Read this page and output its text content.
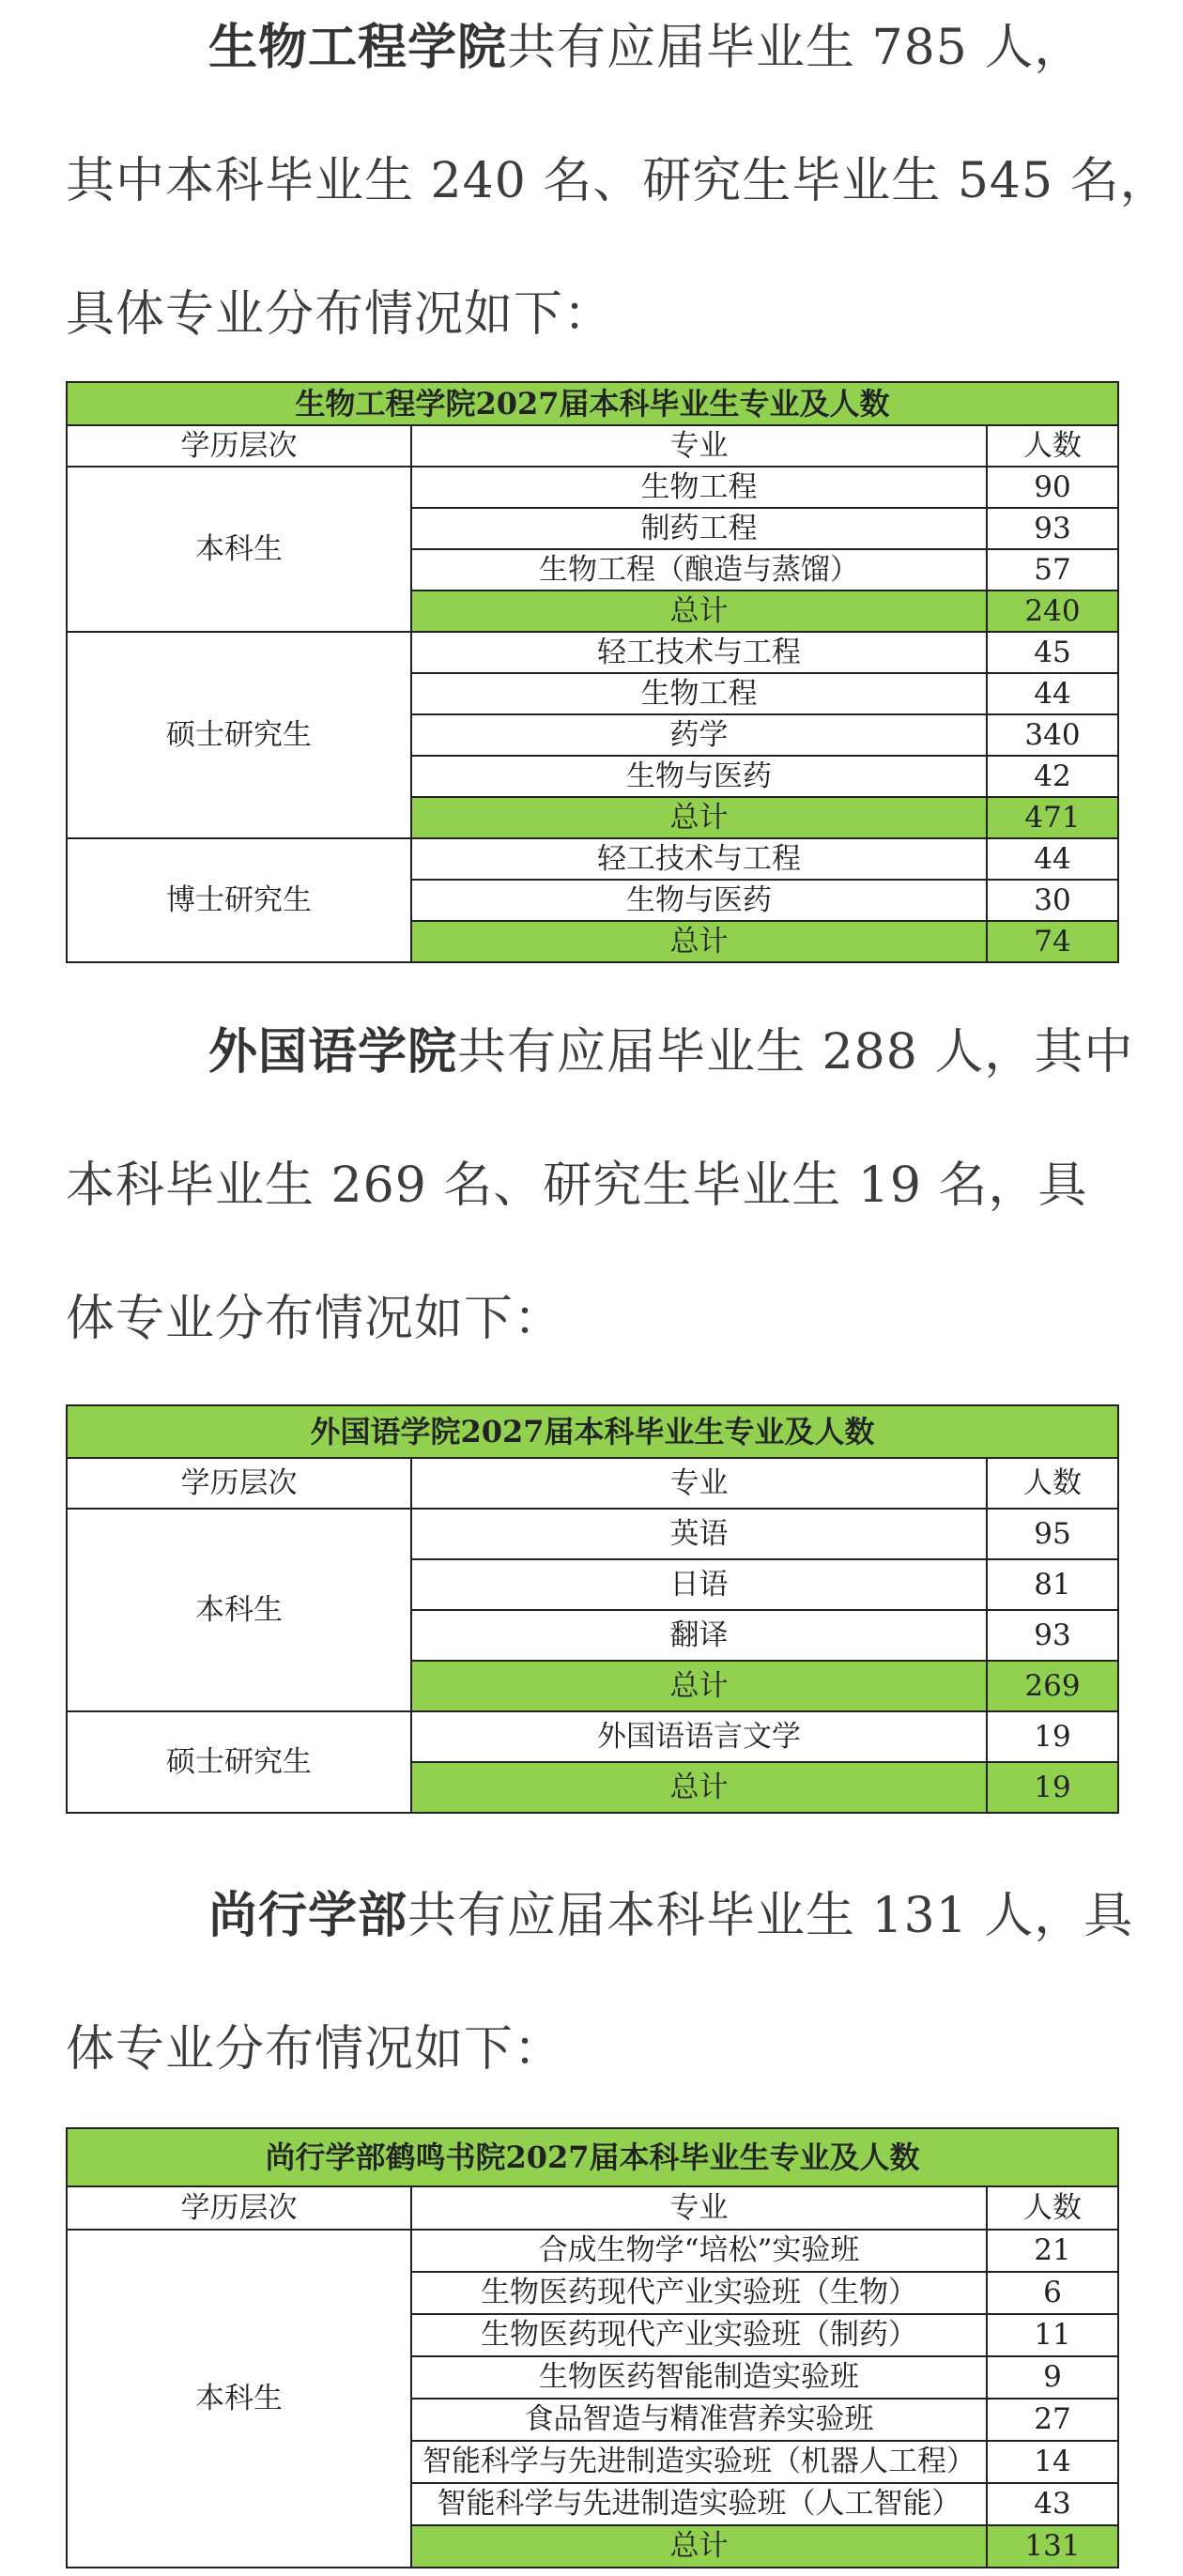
生物工程学院共有应届毕业生 785 人，
其中本科毕业生 240 名、研究生毕业生 545 名，
具体专业分布情况如下：
生物工程学院2027届本科毕业生专业及人数		
学历层次	专业	人数
本科生	生物工程	90
	制药工程	93
	生物工程（酿造与蒸馏）	57
	总计	240
硕士研究生	轻工技术与工程	45
	生物工程	44
	药学	340
	生物与医药	42
	总计	471
博士研究生	轻工技术与工程	44
	生物与医药	30
	总计	74
外国语学院共有应届毕业生 288 人，其中
本科毕业生 269 名、研究生毕业生 19 名，具
体专业分布情况如下：
外国语学院2027届本科毕业生专业及人数		
学历层次	专业	人数
本科生	英语	95
	日语	81
	翻译	93
	总计	269
硕士研究生	外国语语言文学	19
	总计	19
尚行学部共有应届本科毕业生 131 人，具
体专业分布情况如下：
尚行学部鹤鸣书院2027届本科毕业生专业及人数		
学历层次	专业	人数
本科生	合成生物学“培松”实验班	21
	生物医药现代产业实验班（生物）	6
	生物医药现代产业实验班（制药）	11
	生物医药智能制造实验班	9
	食品智造与精准营养实验班	27
	智能科学与先进制造实验班（机器人工程）	14
	智能科学与先进制造实验班（人工智能）	43
	总计	131
